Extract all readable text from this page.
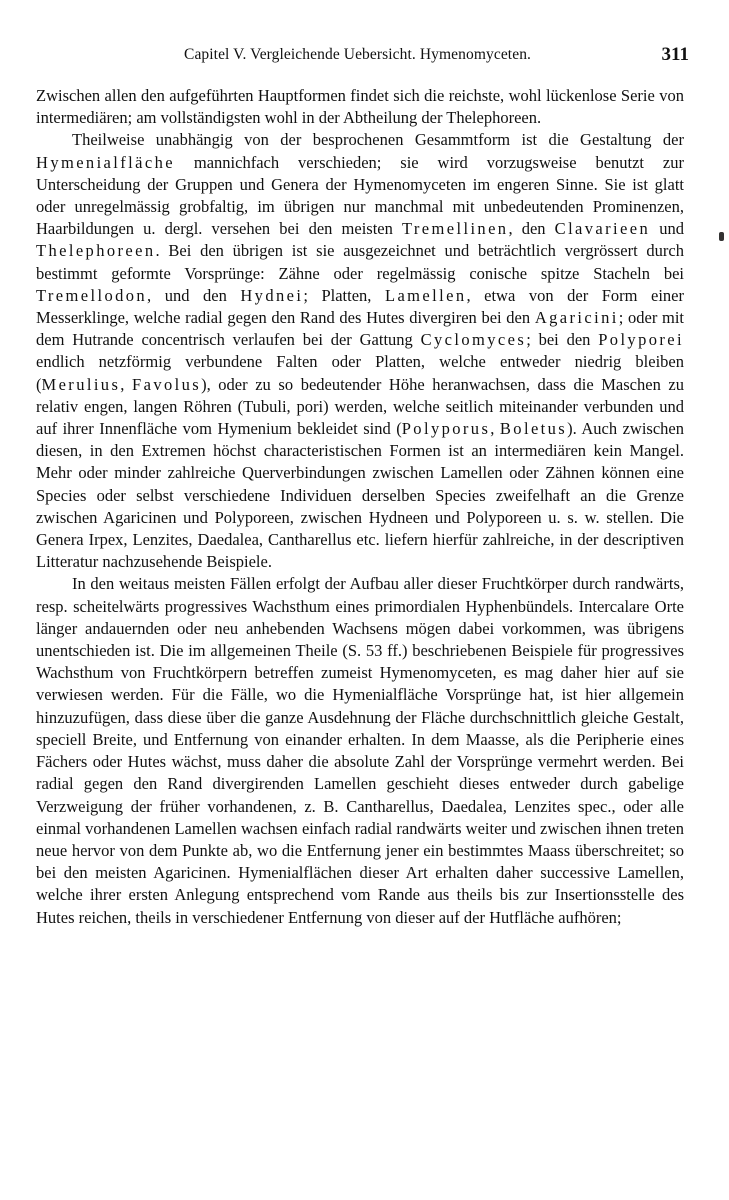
Capitel V. Vergleichende Uebersicht. Hymenomyceten.	311

Zwischen allen den aufgeführten Hauptformen findet sich die reichste, wohl lückenlose Serie von intermediären; am vollständigsten wohl in der Abtheilung der Thelephoreen.

Theilweise unabhängig von der besprochenen Gesammtform ist die Gestaltung der Hymenialfläche mannichfach verschieden; sie wird vorzugsweise benutzt zur Unterscheidung der Gruppen und Genera der Hymenomyceten im engeren Sinne. Sie ist glatt oder unregelmässig grobfaltig, im übrigen nur manchmal mit unbedeutenden Prominenzen, Haarbildungen u. dergl. versehen bei den meisten Tremellinen, den Clavarieen und Thelephoreen. Bei den übrigen ist sie ausgezeichnet und beträchtlich vergrössert durch bestimmt geformte Vorsprünge: Zähne oder regelmässig conische spitze Stacheln bei Tremellodon, und den Hydnei; Platten, Lamellen, etwa von der Form einer Messerklinge, welche radial gegen den Rand des Hutes divergiren bei den Agaricini; oder mit dem Hutrande concentrisch verlaufen bei der Gattung Cyclomyces; bei den Polyporei endlich netzförmig verbundene Falten oder Platten, welche entweder niedrig bleiben (Merulius, Favolus), oder zu so bedeutender Höhe heranwachsen, dass die Maschen zu relativ engen, langen Röhren (Tubuli, pori) werden, welche seitlich miteinander verbunden und auf ihrer Innenfläche vom Hymenium bekleidet sind (Polyporus, Boletus). Auch zwischen diesen, in den Extremen höchst characteristischen Formen ist an intermediären kein Mangel. Mehr oder minder zahlreiche Querverbindungen zwischen Lamellen oder Zähnen können eine Species oder selbst verschiedene Individuen derselben Species zweifelhaft an die Grenze zwischen Agaricinen und Polyporeen, zwischen Hydneen und Polyporeen u. s. w. stellen. Die Genera Irpex, Lenzites, Daedalea, Cantharellus etc. liefern hierfür zahlreiche, in der descriptiven Litteratur nachzusehende Beispiele.

In den weitaus meisten Fällen erfolgt der Aufbau aller dieser Fruchtkörper durch randwärts, resp. scheitelwärts progressives Wachsthum eines primordialen Hyphenbündels. Intercalare Orte länger andauernden oder neu anhebenden Wachsens mögen dabei vorkommen, was übrigens unentschieden ist. Die im allgemeinen Theile (S. 53 ff.) beschriebenen Beispiele für progressives Wachsthum von Fruchtkörpern betreffen zumeist Hymenomyceten, es mag daher hier auf sie verwiesen werden. Für die Fälle, wo die Hymenialfläche Vorsprünge hat, ist hier allgemein hinzuzufügen, dass diese über die ganze Ausdehnung der Fläche durchschnittlich gleiche Gestalt, speciell Breite, und Entfernung von einander erhalten. In dem Maasse, als die Peripherie eines Fächers oder Hutes wächst, muss daher die absolute Zahl der Vorsprünge vermehrt werden. Bei radial gegen den Rand divergirenden Lamellen geschieht dieses entweder durch gabelige Verzweigung der früher vorhandenen, z. B. Cantharellus, Daedalea, Lenzites spec., oder alle einmal vorhandenen Lamellen wachsen einfach radial randwärts weiter und zwischen ihnen treten neue hervor von dem Punkte ab, wo die Entfernung jener ein bestimmtes Maass überschreitet; so bei den meisten Agaricinen. Hymenialflächen dieser Art erhalten daher successive Lamellen, welche ihrer ersten Anlegung entsprechend vom Rande aus theils bis zur Insertionsstelle des Hutes reichen, theils in verschiedener Entfernung von dieser auf der Hutfläche aufhören;
